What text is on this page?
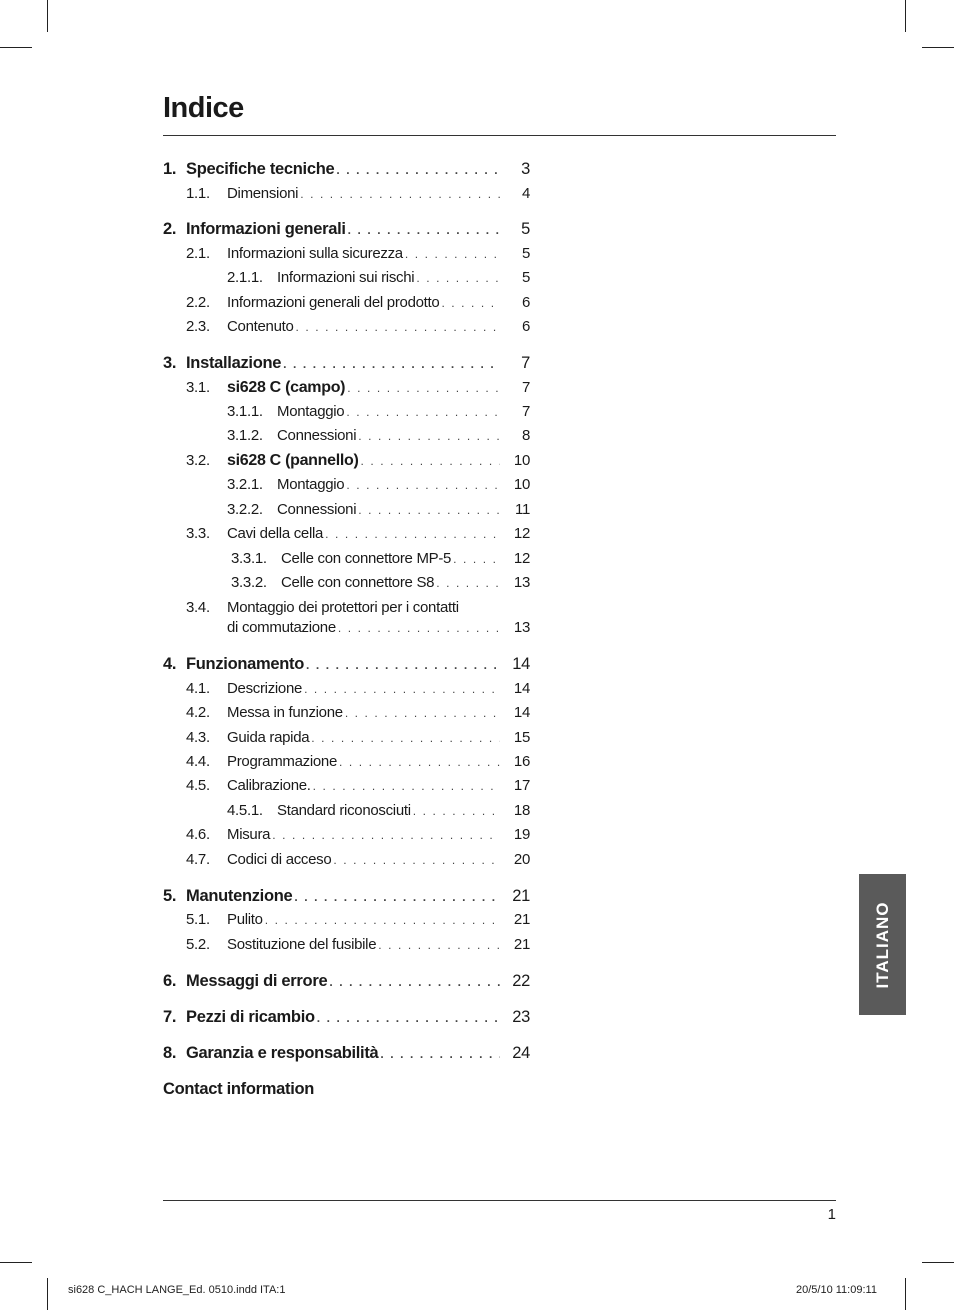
Indice
1. Specifiche tecniche . . .	3
1.1. Dimensioni . . .	4
2. Informazioni generali . . .	5
2.1. Informazioni sulla sicurezza . . .	5
2.1.1. Informazioni sui rischi . . .	5
2.2. Informazioni generali del prodotto . . .	6
2.3. Contenuto . . .	6
3. Installazione . . .	7
3.1. si628 C (campo) . . .	7
3.1.1. Montaggio . . .	7
3.1.2. Connessioni . . .	8
3.2. si628 C (pannello) . . .	10
3.2.1. Montaggio . . .	10
3.2.2. Connessioni . . .	11
3.3. Cavi della cella . . .	12
3.3.1. Celle con connettore MP-5 . . .	12
3.3.2. Celle con connettore S8 . . .	13
3.4. Montaggio dei protettori per i contatti
di commutazione . . .	13
4. Funzionamento . . .	14
4.1. Descrizione . . .	14
4.2. Messa in funzione . . .	14
4.3. Guida rapida . . .	15
4.4. Programmazione . . .	16
4.5. Calibrazione. . . .	17
4.5.1. Standard riconosciuti . . .	18
4.6. Misura . . .	19
4.7. Codici di acceso . . .	20
5. Manutenzione . . .	21
5.1. Pulito . . .	21
5.2. Sostituzione del fusibile . . .	21
6. Messaggi di errore . . .	22
7. Pezzi di ricambio . . .	23
8. Garanzia e responsabilità . . .	24
Contact information
ITALIANO
1
si628 C_HACH LANGE_Ed. 0510.indd ITA:1	20/5/10 11:09:11
